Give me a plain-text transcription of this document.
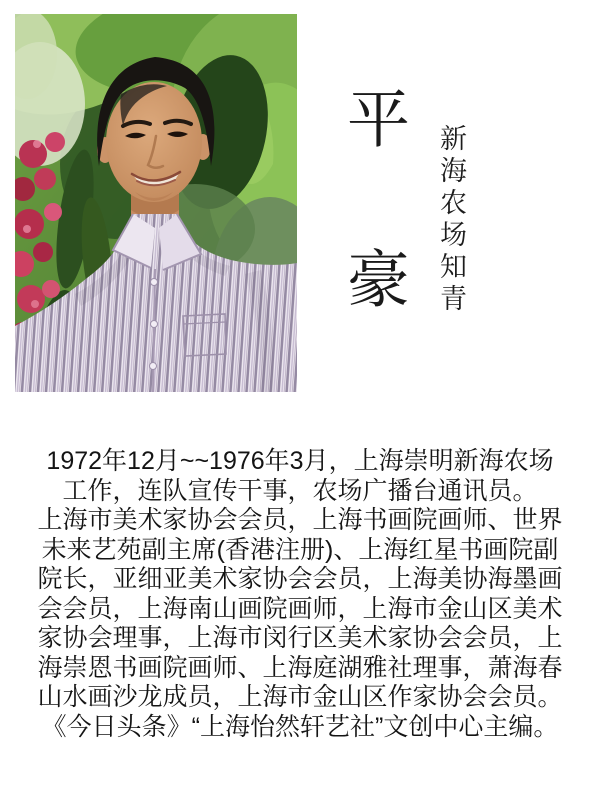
平豪 新海农场知青
1972年12月~~1976年3月，上海崇明新海农场
工作，连队宣传干事，农场广播台通讯员。
上海市美术家协会会员，上海书画院画师、世界
未来艺苑副主席(香港注册)、上海红星书画院副
院长，亚细亚美术家协会会员，上海美协海墨画
会会员，上海南山画院画师，上海市金山区美术
家协会理事，上海市闵行区美术家协会会员，上
海崇恩书画院画师、上海庭湖雅社理事，萧海春
山水画沙龙成员，上海市金山区作家协会会员。
《今日头条》“上海怡然轩艺社”文创中心主编。
